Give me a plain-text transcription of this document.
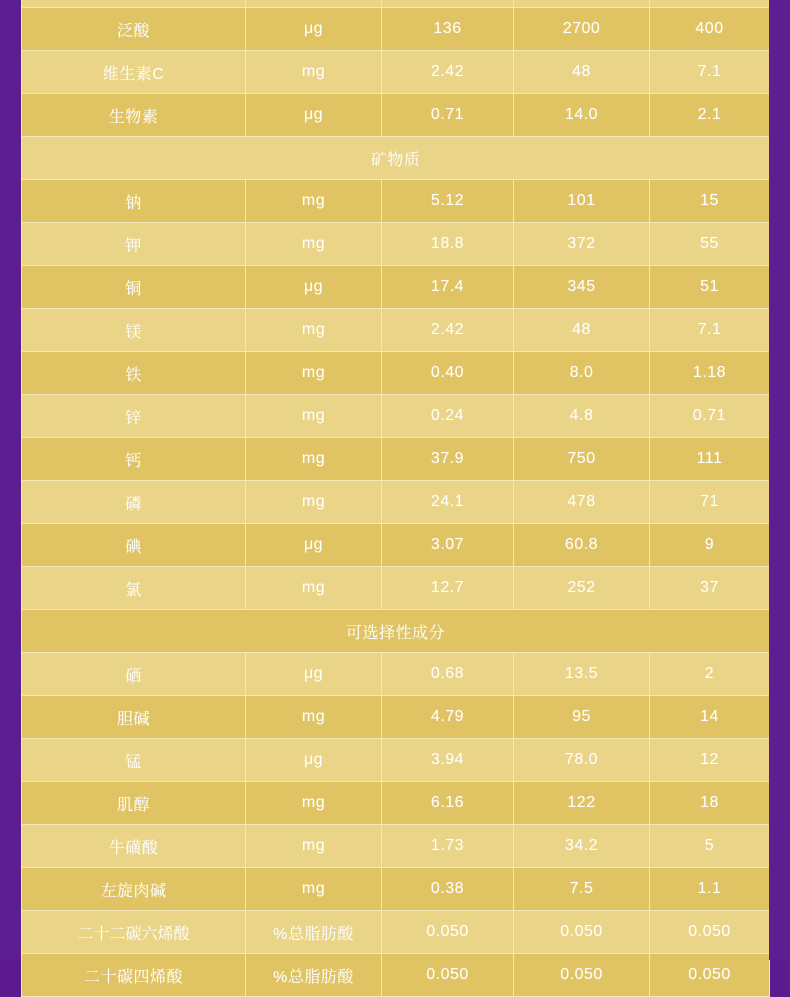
泛酸	μg	136	2700	400
维生素C	mg	2.42	48	7.1
生物素	μg	0.71	14.0	2.1
矿物质				
钠	mg	5.12	101	15
钾	mg	18.8	372	55
铜	μg	17.4	345	51
镁	mg	2.42	48	7.1
铁	mg	0.40	8.0	1.18
锌	mg	0.24	4.8	0.71
钙	mg	37.9	750	111
磷	mg	24.1	478	71
碘	μg	3.07	60.8	9
氯	mg	12.7	252	37
可选择性成分				
硒	μg	0.68	13.5	2
胆碱	mg	4.79	95	14
锰	μg	3.94	78.0	12
肌醇	mg	6.16	122	18
牛磺酸	mg	1.73	34.2	5
左旋肉碱	mg	0.38	7.5	1.1
二十二碳六烯酸	%总脂肪酸	0.050	0.050	0.050
二十碳四烯酸	%总脂肪酸	0.050	0.050	0.050
